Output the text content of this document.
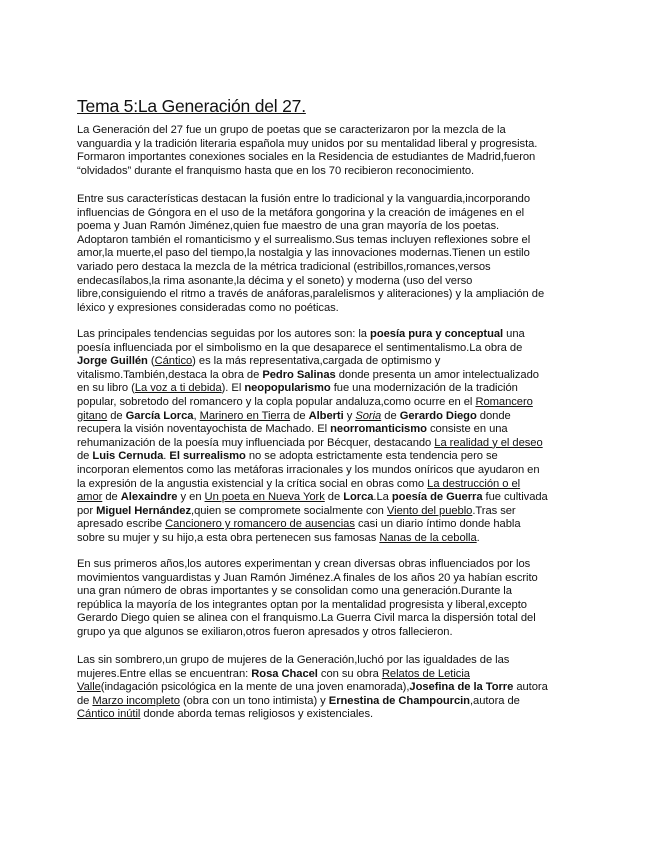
Tema 5:La Generación del 27.
La Generación del 27 fue un grupo de poetas que se caracterizaron por la mezcla de la
vanguardia y la tradición literaria española muy unidos por su mentalidad liberal y progresista.
Formaron importantes conexiones sociales en la Residencia de estudiantes de Madrid,fueron
“olvidados” durante el franquismo hasta que en los 70 recibieron reconocimiento.
Entre sus características destacan la fusión entre lo tradicional y la vanguardia,incorporando
influencias de Góngora en el uso de la metáfora gongorina y la creación de imágenes en el
poema y Juan Ramón Jiménez,quien fue maestro de una gran mayoría de los poetas.
Adoptaron también el romanticismo y el surrealismo.Sus temas incluyen reflexiones sobre el
amor,la muerte,el paso del tiempo,la nostalgia y las innovaciones modernas.Tienen un estilo
variado pero destaca la mezcla de la métrica tradicional (estribillos,romances,versos
endecasílabos,la rima asonante,la décima y el soneto) y moderna (uso del verso
libre,consiguiendo el ritmo a través de anáforas,paralelismos y aliteraciones) y la ampliación de
léxico y expresiones consideradas como no poéticas.
Las principales tendencias seguidas por los autores son: la poesía pura y conceptual una
poesía influenciada por el simbolismo en la que desaparece el sentimentalismo.La obra de
Jorge Guillén (Cántico) es la más representativa,cargada de optimismo y
vitalismo.También,destaca la obra de Pedro Salinas donde presenta un amor intelectualizado
en su libro (La voz a ti debida). El neopopularismo fue una modernización de la tradición
popular, sobretodo del romancero y la copla popular andaluza,como ocurre en el Romancero
gitano de García Lorca, Marinero en Tierra de Alberti y Soria de Gerardo Diego donde
recupera la visión noventayochista de Machado. El neorromanticismo consiste en una
rehumanización de la poesía muy influenciada por Bécquer, destacando La realidad y el deseo
de Luis Cernuda. El surrealismo no se adopta estrictamente esta tendencia pero se
incorporan elementos como las metáforas irracionales y los mundos oníricos que ayudaron en
la expresión de la angustia existencial y la crítica social en obras como La destrucción o el
amor de Alexaindre y en Un poeta en Nueva York de Lorca.La poesía de Guerra fue cultivada
por Miguel Hernández,quien se compromete socialmente con Viento del pueblo.Tras ser
apresado escribe Cancionero y romancero de ausencias casi un diario íntimo donde habla
sobre su mujer y su hijo,a esta obra pertenecen sus famosas Nanas de la cebolla.
En sus primeros años,los autores experimentan y crean diversas obras influenciados por los
movimientos vanguardistas y Juan Ramón Jiménez.A finales de los años 20 ya habían escrito
una gran número de obras importantes y se consolidan como una generación.Durante la
república la mayoría de los integrantes optan por la mentalidad progresista y liberal,excepto
Gerardo Diego quien se alinea con el franquismo.La Guerra Civil marca la dispersión total del
grupo ya que algunos se exiliaron,otros fueron apresados y otros fallecieron.
Las sin sombrero,un grupo de mujeres de la Generación,luchó por las igualdades de las
mujeres.Entre ellas se encuentran: Rosa Chacel con su obra Relatos de Leticia
Valle(indagación psicológica en la mente de una joven enamorada),Josefina de la Torre autora
de Marzo incompleto (obra con un tono intimista) y Ernestina de Champourcin,autora de
Cántico inútil donde aborda temas religiosos y existenciales.
